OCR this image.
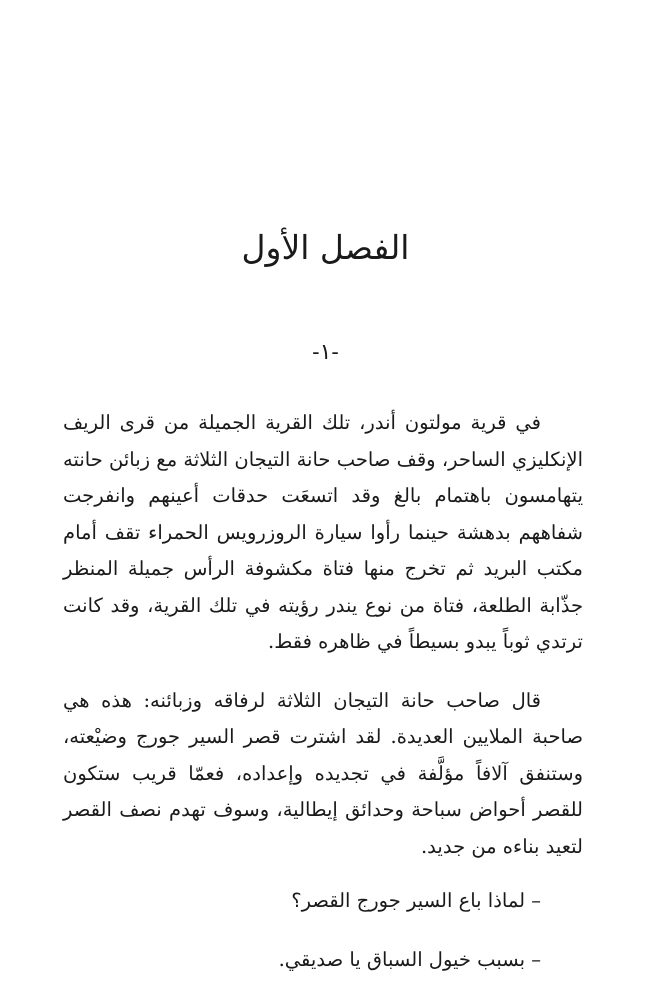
الفصل الأول
-١-

في قرية مولتون أندر، تلك القرية الجميلة من قرى الريف الإنكليزي الساحر، وقف صاحب حانة التيجان الثلاثة مع زبائن حانته يتهامسون باهتمام بالغ وقد اتسعَت حدقات أعينهم وانفرجت شفاههم بدهشة حينما رأوا سيارة الروزرويس الحمراء تقف أمام مكتب البريد ثم تخرج منها فتاة مكشوفة الرأس جميلة المنظر جذّابة الطلعة، فتاة من نوع يندر رؤيته في تلك القرية، وقد كانت ترتدي ثوباً يبدو بسيطاً في ظاهره فقط.

قال صاحب حانة التيجان الثلاثة لرفاقه وزبائنه: هذه هي صاحبة الملايين العديدة. لقد اشترت قصر السير جورج وضيْعته، وستنفق آلافاً مؤلَّفة في تجديده وإعداده، فعمّا قريب ستكون للقصر أحواض سباحة وحدائق إيطالية، وسوف تهدم نصف القصر لتعيد بناءه من جديد.

– لماذا باع السير جورج القصر؟

– بسبب خيول السباق يا صديقي.
